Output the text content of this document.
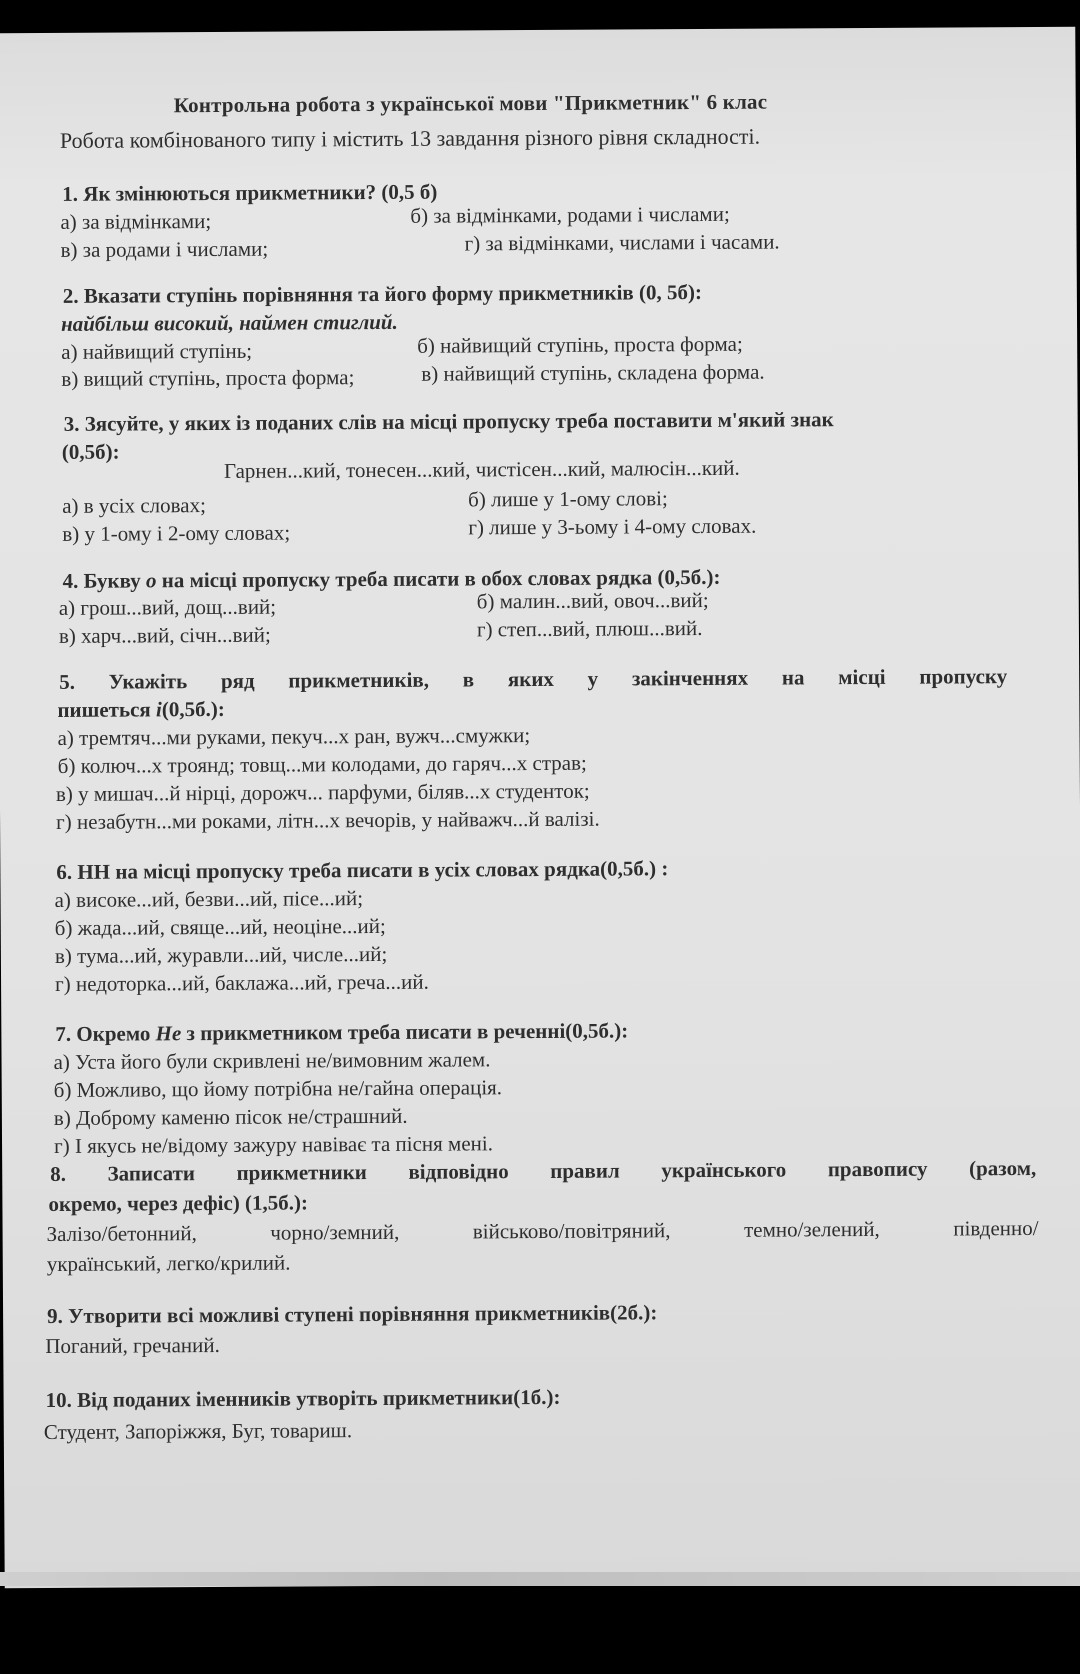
Контрольна робота з української мови "Прикметник" 6 клас
Робота комбінованого типу і містить 13 завдання різного рівня складності.
1. Як змінюються прикметники? (0,5 б)
а) за відмінками;	б) за відмінками, родами і числами;
в) за родами і числами;	г) за відмінками, числами і часами.
2. Вказати ступінь порівняння та його форму прикметників (0, 5б):
найбільш високий, наймен стиглий.
а) найвищий ступінь;	б) найвищий ступінь, проста форма;
в) вищий ступінь, проста форма;	в) найвищий ступінь, складена форма.
3. Зясуйте, у яких із поданих слів на місці пропуску треба поставити м'який знак
(0,5б):
Гарнен...кий, тонесен...кий, чистісен...кий, малюсін...кий.
а) в усіх словах;	б) лише у 1-ому слові;
в) у 1-ому і 2-ому словах;	г) лише у 3-ьому і 4-ому словах.
4. Букву о на місці пропуску треба писати в обох словах рядка (0,5б.):
а) грош...вий, дощ...вий;	б) малин...вий, овоч...вий;
в) харч...вий, січн...вий;	г) степ...вий, плюш...вий.
5. Укажіть ряд прикметників, в яких у закінченнях на місці пропуску
пишеться і(0,5б.):
а) тремтяч...ми руками, пекуч...х ран, вужч...смужки;
б) колюч...х троянд; товщ...ми колодами, до гаряч...х страв;
в) у мишач...й нірці, дорожч... парфуми, біляв...х студенток;
г) незабутн...ми роками, літн...х вечорів, у найважч...й валізі.
6. НН на місці пропуску треба писати в усіх словах рядка(0,5б.) :
а) високе...ий, безви...ий, пісе...ий;
б) жада...ий, свяще...ий, неоціне...ий;
в) тума...ий, журавли...ий, числе...ий;
г) недоторка...ий, баклажа...ий, греча...ий.
7. Окремо Не з прикметником треба писати в реченні(0,5б.):
а) Уста його були скривлені не/вимовним жалем.
б) Можливо, що йому потрібна не/гайна операція.
в) Доброму каменю пісок не/страшний.
г) І якусь не/відому зажуру навіває та пісня мені.
8. Записати прикметники відповідно правил українського правопису (разом,
окремо, через дефіс) (1,5б.):
Залізо/бетонний, чорно/земний, військово/повітряний, темно/зелений, південно/
український, легко/крилий.
9. Утворити всі можливі ступені порівняння прикметників(2б.):
Поганий, гречаний.
10. Від поданих іменників утворіть прикметники(1б.):
Студент, Запоріжжя, Буг, товариш.
